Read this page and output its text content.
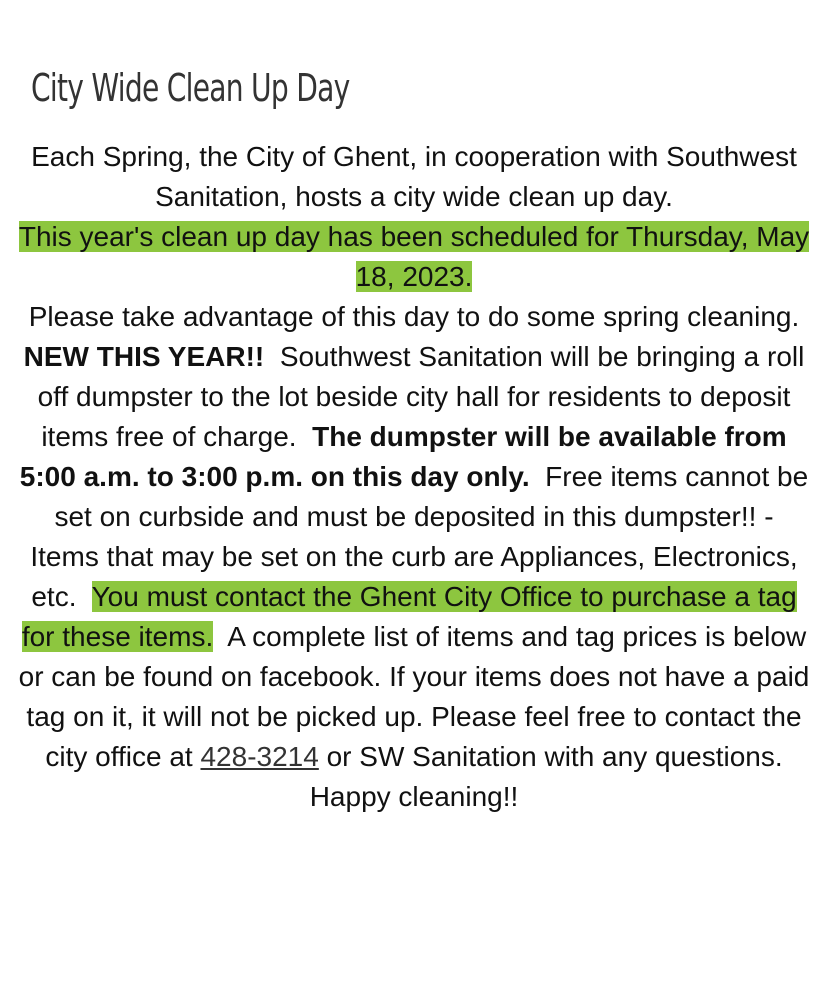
City Wide Clean Up Day

Each Spring, the City of Ghent, in cooperation with Southwest Sanitation, hosts a city wide clean up day.
This year's clean up day has been scheduled for Thursday, May 18, 2023.
Please take advantage of this day to do some spring cleaning.
NEW THIS YEAR!! Southwest Sanitation will be bringing a roll off dumpster to the lot beside city hall for residents to deposit items free of charge. The dumpster will be available from 5:00 a.m. to 3:00 p.m. on this day only. Free items cannot be set on curbside and must be deposited in this dumpster!! - Items that may be set on the curb are Appliances, Electronics, etc. You must contact the Ghent City Office to purchase a tag for these items. A complete list of items and tag prices is below or can be found on facebook. If your items does not have a paid tag on it, it will not be picked up. Please feel free to contact the city office at 428-3214 or SW Sanitation with any questions. Happy cleaning!!
